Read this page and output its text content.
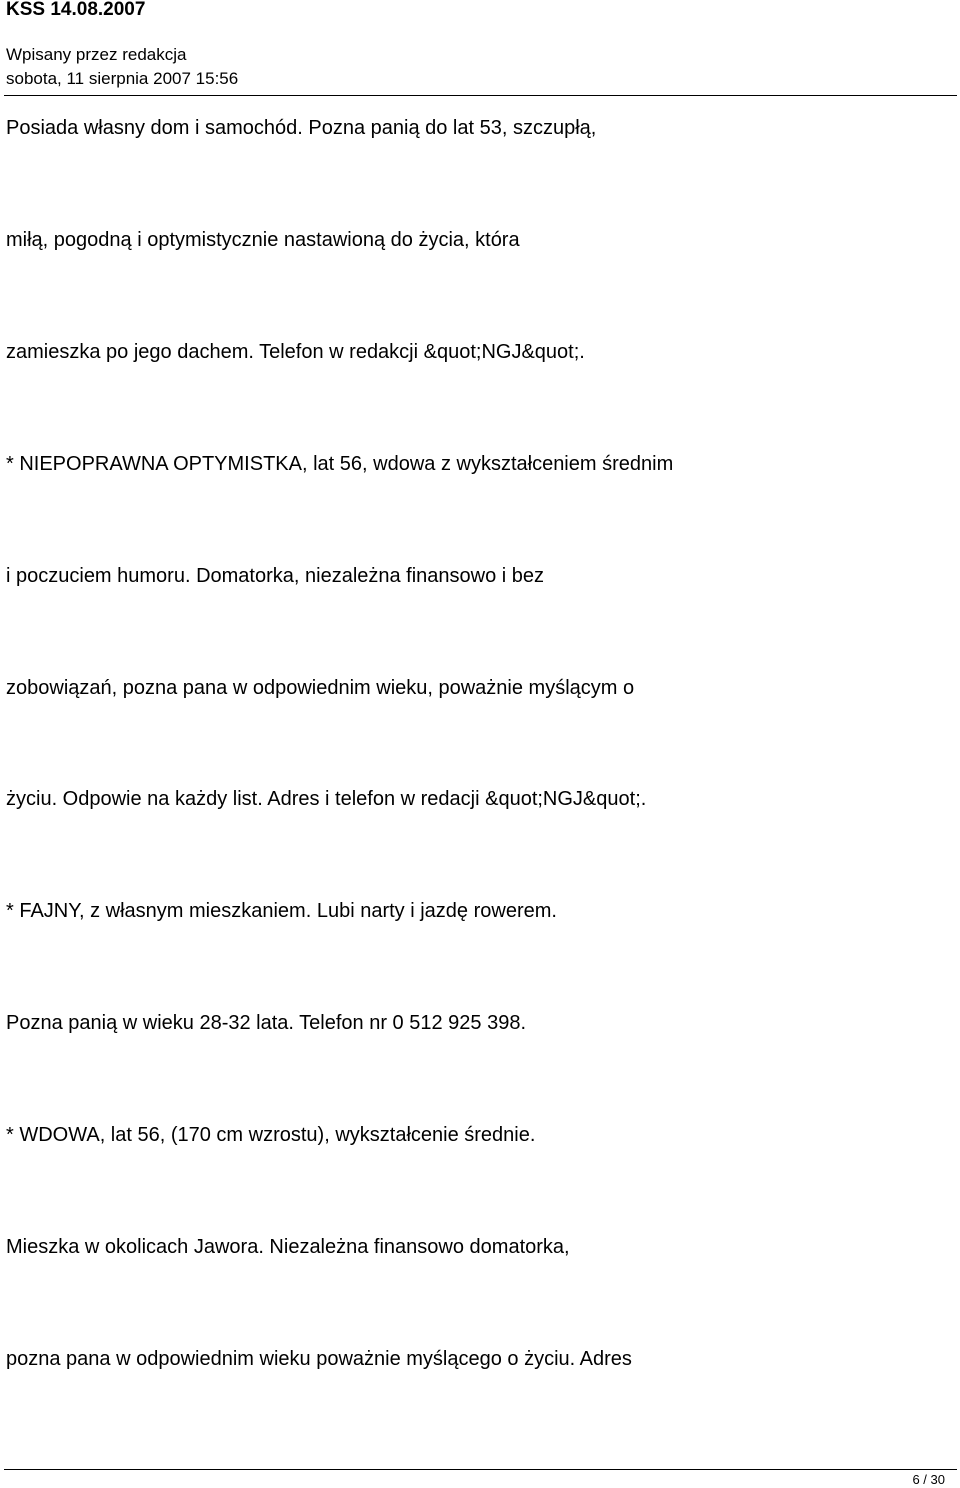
KSS 14.08.2007
Wpisany przez redakcja
sobota, 11 sierpnia 2007 15:56
Posiada własny dom i samochód. Pozna panią do lat 53, szczupłą,
miłą, pogodną i optymistycznie nastawioną do życia, która
zamieszka po jego dachem. Telefon w redakcji &quot;NGJ&quot;.
* NIEPOPRAWNA OPTYMISTKA, lat 56, wdowa z wykształceniem średnim
i poczuciem humoru. Domatorka, niezależna finansowo i bez
zobowiązań, pozna pana w odpowiednim wieku, poważnie myślącym o
życiu. Odpowie na każdy list. Adres i telefon w redacji &quot;NGJ&quot;.
* FAJNY, z własnym mieszkaniem. Lubi narty i jazdę rowerem.
Pozna panią w wieku 28-32 lata. Telefon nr 0 512 925 398.
* WDOWA, lat 56, (170 cm wzrostu), wykształcenie średnie.
Mieszka w okolicach Jawora. Niezależna finansowo domatorka,
pozna pana w odpowiednim wieku poważnie myślącego o życiu. Adres
6 / 30
